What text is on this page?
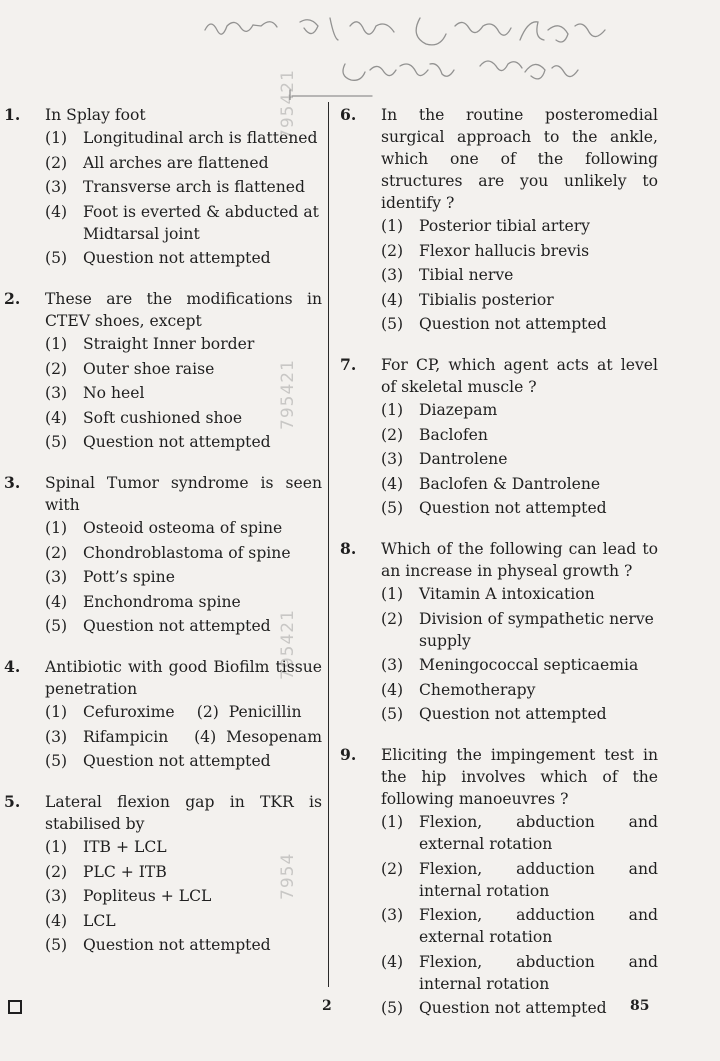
795421
795421
795421
7954
1. In Splay foot
(1) Longitudinal arch is flattened
(2) All arches are flattened
(3) Transverse arch is flattened
(4) Foot is everted & abducted at Midtarsal joint
(5) Question not attempted
2. These are the modifications in CTEV shoes, except
(1) Straight Inner border
(2) Outer shoe raise
(3) No heel
(4) Soft cushioned shoe
(5) Question not attempted
3. Spinal Tumor syndrome is seen with
(1) Osteoid osteoma of spine
(2) Chondroblastoma of spine
(3) Pott’s spine
(4) Enchondroma spine
(5) Question not attempted
4. Antibiotic with good Biofilm tissue penetration
(1) Cefuroxime	(2) Penicillin
(3) Rifampicin	(4) Mesopenam
(5) Question not attempted
5. Lateral flexion gap in TKR is stabilised by
(1) ITB + LCL
(2) PLC + ITB
(3) Popliteus + LCL
(4) LCL
(5) Question not attempted
6. In the routine posteromedial surgical approach to the ankle, which one of the following structures are you unlikely to identify ?
(1) Posterior tibial artery
(2) Flexor hallucis brevis
(3) Tibial nerve
(4) Tibialis posterior
(5) Question not attempted
7. For CP, which agent acts at level of skeletal muscle ?
(1) Diazepam
(2) Baclofen
(3) Dantrolene
(4) Baclofen & Dantrolene
(5) Question not attempted
8. Which of the following can lead to an increase in physeal growth ?
(1) Vitamin A intoxication
(2) Division of sympathetic nerve supply
(3) Meningococcal septicaemia
(4) Chemotherapy
(5) Question not attempted
9. Eliciting the impingement test in the hip involves which of the following manoeuvres ?
(1) Flexion, abduction and external rotation
(2) Flexion, adduction and internal rotation
(3) Flexion, adduction and external rotation
(4) Flexion, abduction and internal rotation
(5) Question not attempted
2	85
